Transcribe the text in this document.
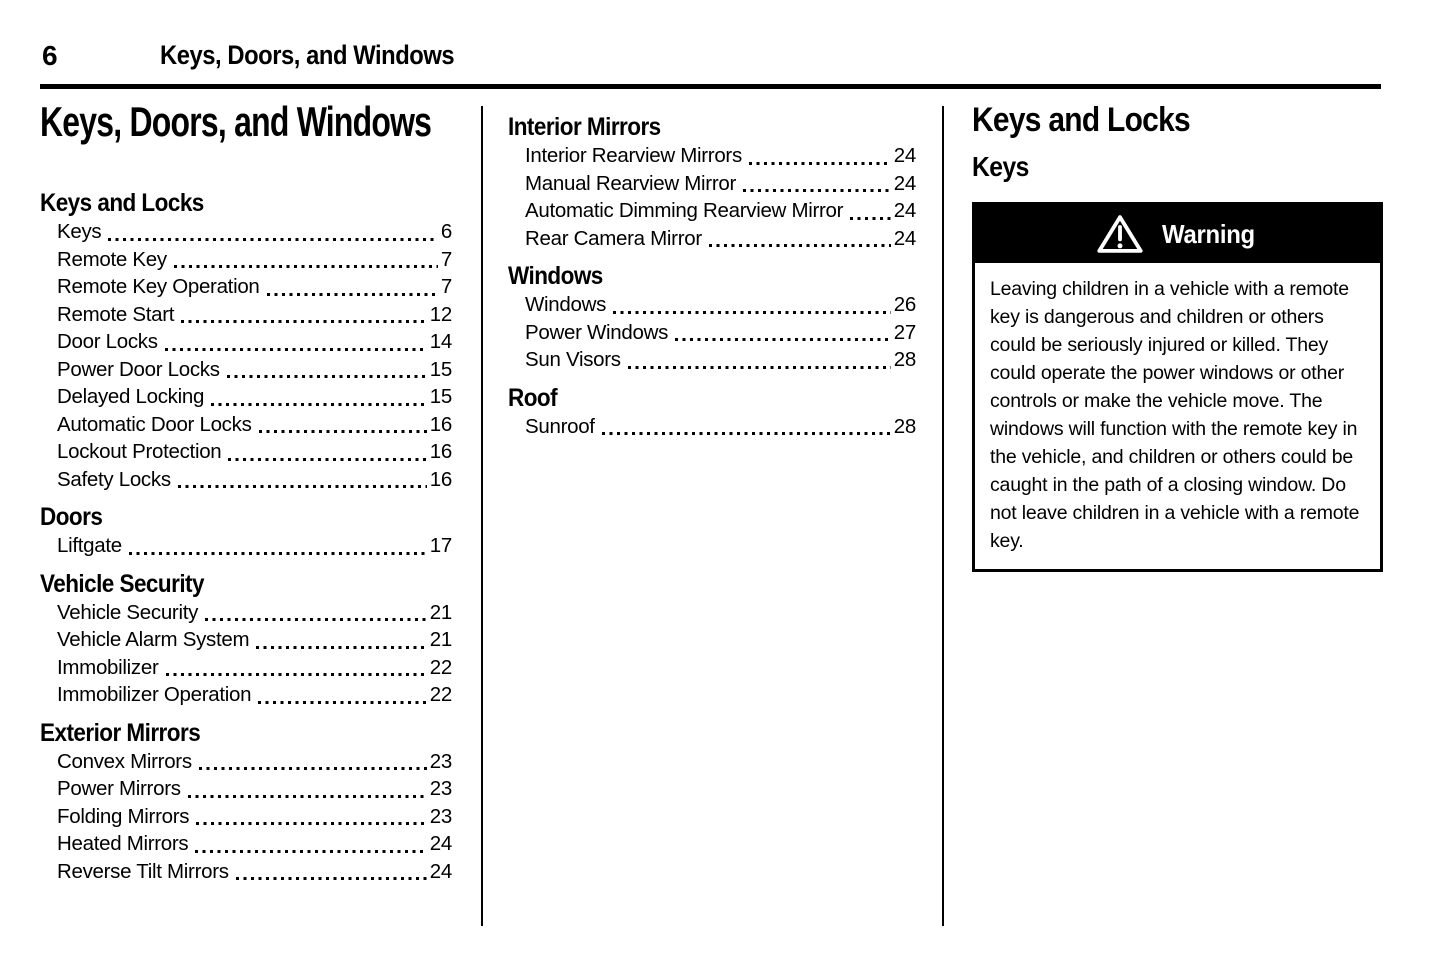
6	Keys, Doors, and Windows
Keys, Doors, and Windows
Keys and Locks
Keys	6
Remote Key	7
Remote Key Operation	7
Remote Start	12
Door Locks	14
Power Door Locks	15
Delayed Locking	15
Automatic Door Locks	16
Lockout Protection	16
Safety Locks	16
Doors
Liftgate	17
Vehicle Security
Vehicle Security	21
Vehicle Alarm System	21
Immobilizer	22
Immobilizer Operation	22
Exterior Mirrors
Convex Mirrors	23
Power Mirrors	23
Folding Mirrors	23
Heated Mirrors	24
Reverse Tilt Mirrors	24
Interior Mirrors
Interior Rearview Mirrors	24
Manual Rearview Mirror	24
Automatic Dimming Rearview Mirror 24
Rear Camera Mirror	24
Windows
Windows	26
Power Windows	27
Sun Visors	28
Roof
Sunroof	28
Keys and Locks
Keys
Warning
Leaving children in a vehicle with a remote key is dangerous and children or others could be seriously injured or killed. They could operate the power windows or other controls or make the vehicle move. The windows will function with the remote key in the vehicle, and children or others could be caught in the path of a closing window. Do not leave children in a vehicle with a remote key.
